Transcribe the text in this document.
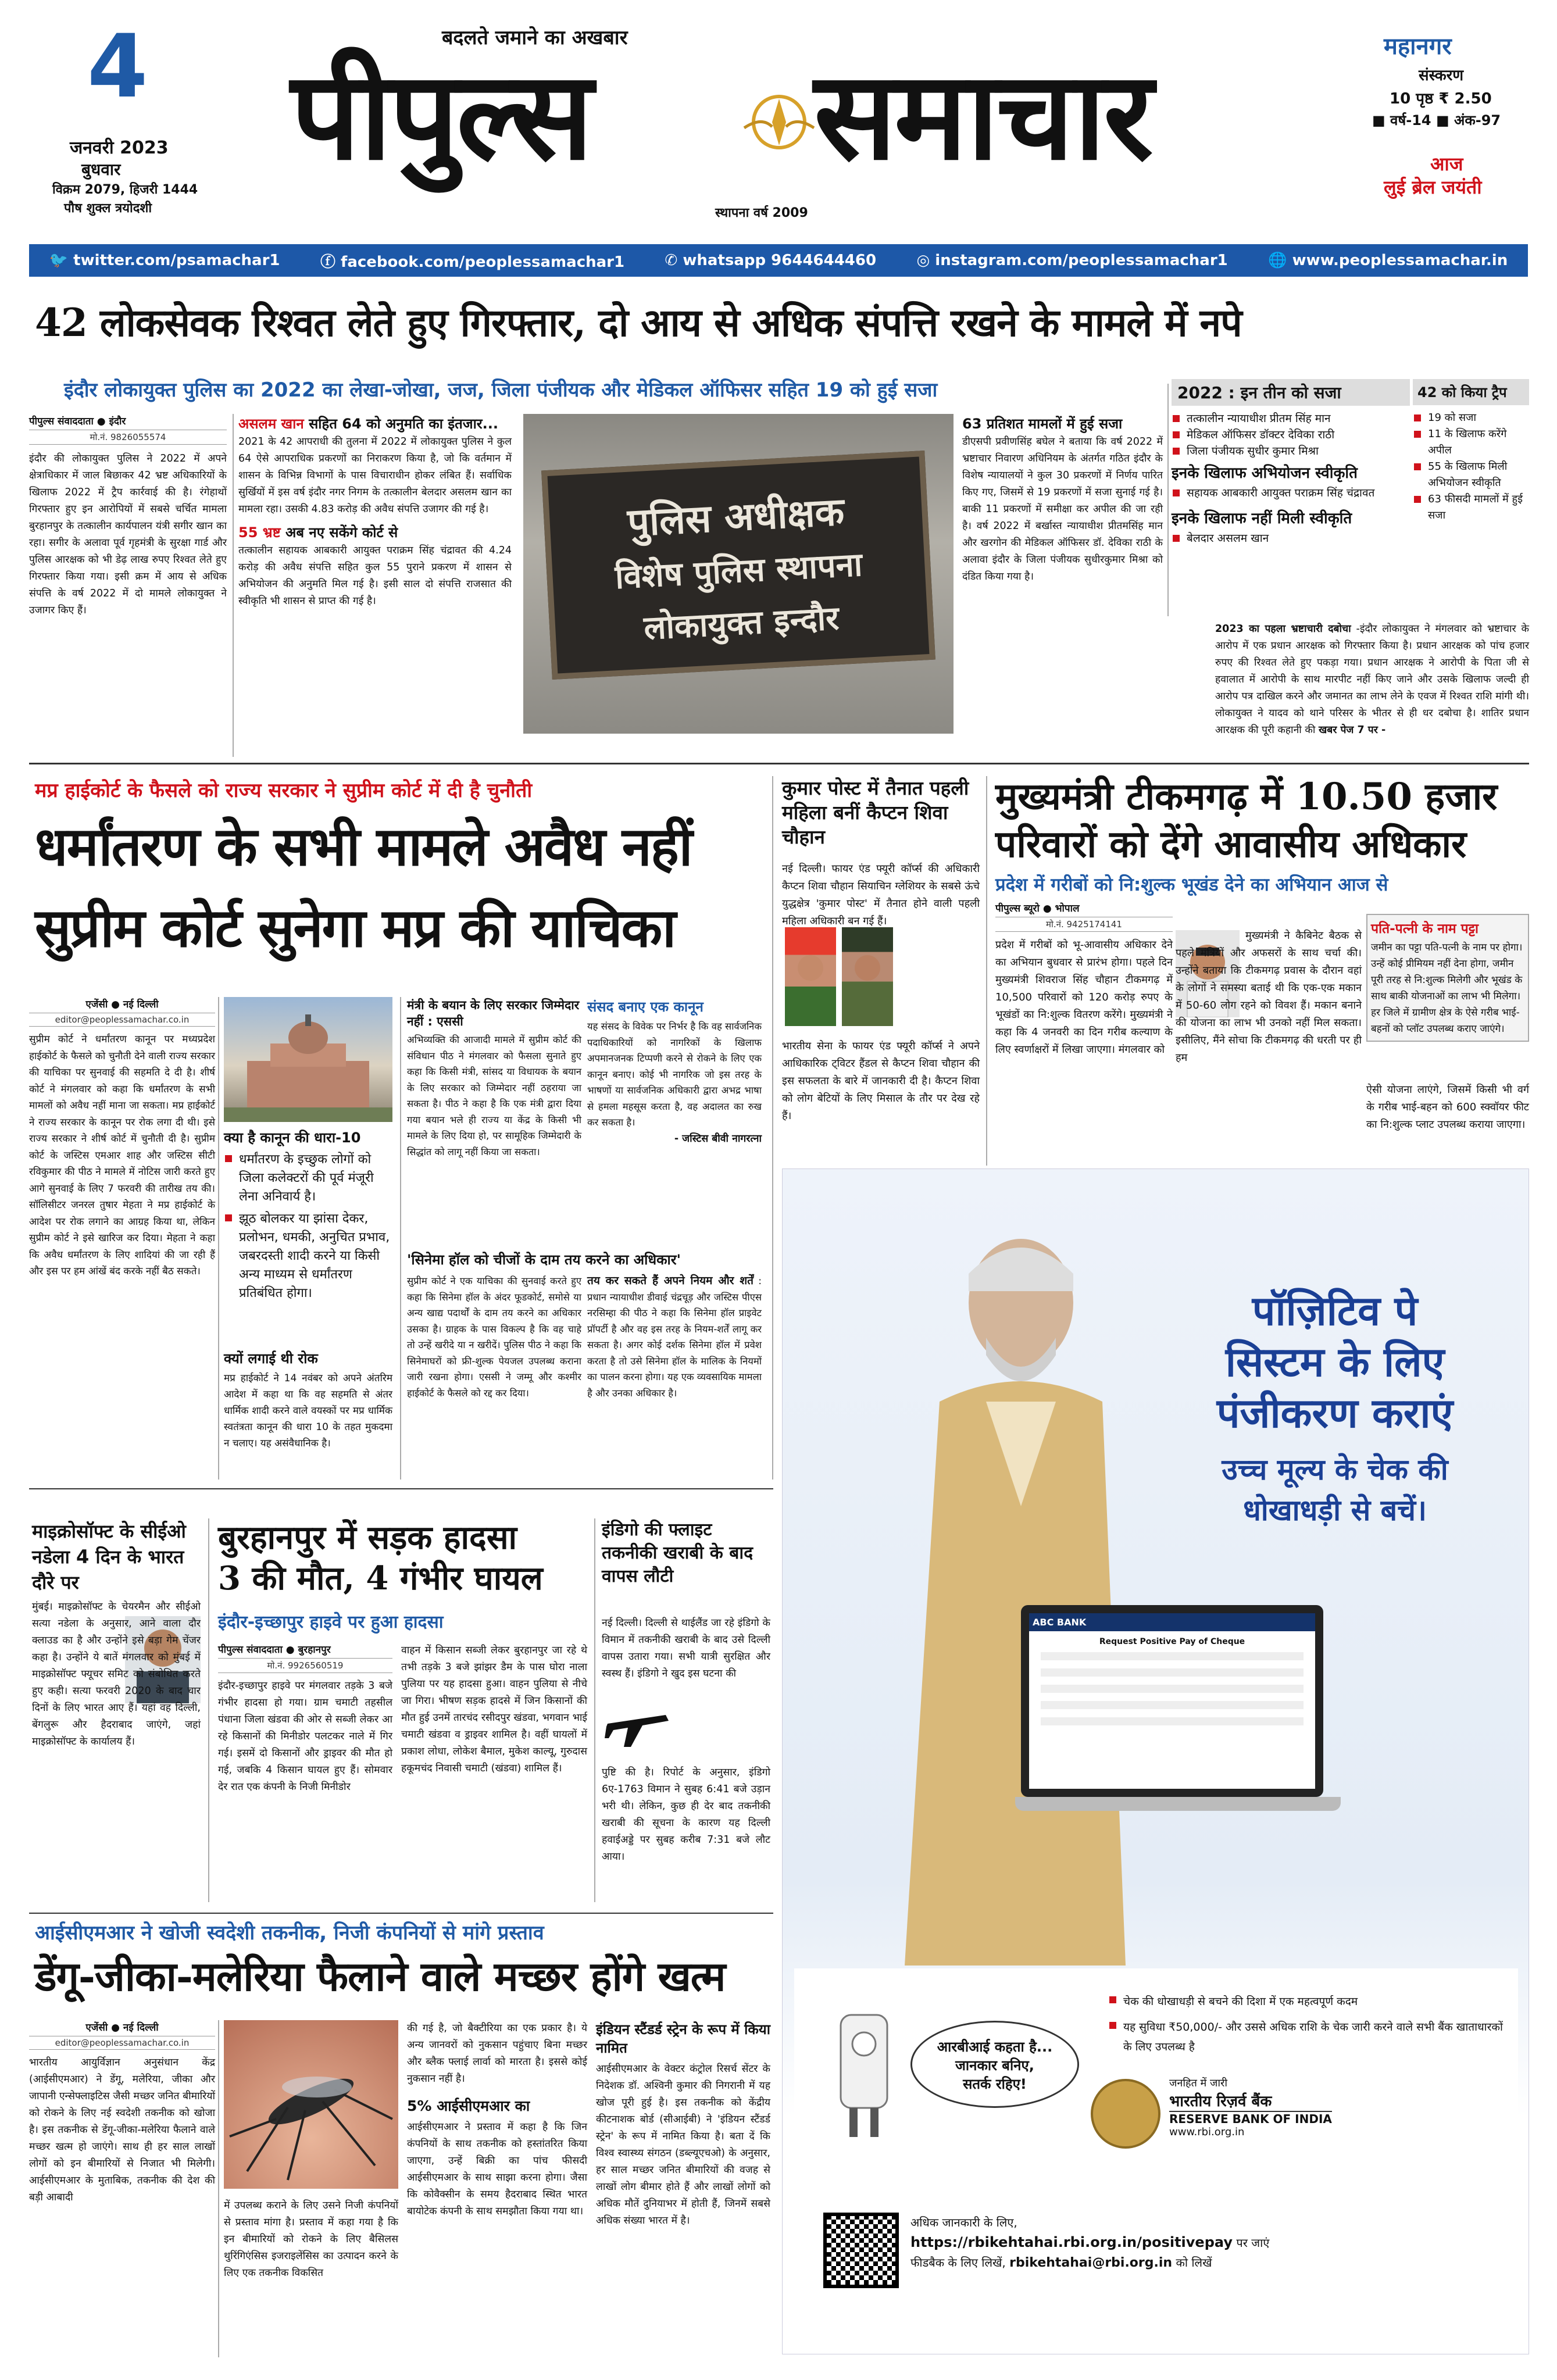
4
जनवरी 2023
बुधवार
विक्रम 2079, हिजरी 1444
पौष शुक्ल त्रयोदशी
बदलते जमाने का अखबार
पीपुल्स समाचार
स्थापना वर्ष 2009
महानगर
संस्करण
10 पृष्ठ ₹ 2.50
■ वर्ष-14 ■ अंक-97
आज
लुई ब्रेल जयंती
🐦 twitter.com/psamachar1	ⓕ facebook.com/peoplessamachar1	✆ whatsapp 9644644460	◎ instagram.com/peoplessamachar1	🌐 www.peoplessamachar.in
42 लोकसेवक रिश्वत लेते हुए गिरफ्तार, दो आय से अधिक संपत्ति रखने के मामले में नपे
इंदौर लोकायुक्त पुलिस का 2022 का लेखा-जोखा, जज, जिला पंजीयक और मेडिकल ऑफिसर सहित 19 को हुई सजा
पीपुल्स संवाददाता ● इंदौर
मो.नं. 9826055574

इंदौर की लोकायुक्त पुलिस ने 2022 में अपने क्षेत्राधिकार में जाल बिछाकर 42 भ्रष्ट अधिकारियों के खिलाफ 2022 में ट्रैप कार्रवाई की है। रंगेहाथों गिरफ्तार हुए इन आरोपियों में सबसे चर्चित मामला बुरहानपुर के तत्कालीन कार्यपालन यंत्री सगीर खान का रहा। सगीर के अलावा पूर्व गृहमंत्री के सुरक्षा गार्ड और पुलिस आरक्षक को भी डेढ़ लाख रुपए रिश्वत लेते हुए गिरफ्तार किया गया। इसी क्रम में आय से अधिक संपत्ति के वर्ष 2022 में दो मामले लोकायुक्त ने उजागर किए हैं।

असलम खान सहित 64 को अनुमति का इंतजार...

2021 के 42 आपराधी की तुलना में 2022 में लोकायुक्त पुलिस ने कुल 64 ऐसे आपराधिक प्रकरणों का निराकरण किया है, जो कि वर्तमान में शासन के विभिन्न विभागों के पास विचाराधीन होकर लंबित हैं। सर्वाधिक सुर्खियों में इस वर्ष इंदौर नगर निगम के तत्कालीन बेलदार असलम खान का मामला रहा। उसकी 4.83 करोड़ की अवैध संपत्ति उजागर की गई है।

55 भ्रष्ट अब नए सकेंगे कोर्ट से

तत्कालीन सहायक आबकारी आयुक्त पराक्रम सिंह चंद्रावत की 4.24 करोड़ की अवैध संपत्ति सहित कुल 55 पुराने प्रकरण में शासन से अभियोजन की अनुमति मिल गई है। इसी साल दो संपत्ति राजसात की स्वीकृति भी शासन से प्राप्त की गई है।

पुलिस अधीक्षक
विशेष पुलिस स्थापना
लोकायुक्त इन्दौर
63 प्रतिशत मामलों में हुई सजा

डीएसपी प्रवीणसिंह बघेल ने बताया कि वर्ष 2022 में भ्रष्टाचार निवारण अधिनियम के अंतर्गत गठित इंदौर के विशेष न्यायालयों ने कुल 30 प्रकरणों में निर्णय पारित किए गए, जिसमें से 19 प्रकरणों में सजा सुनाई गई है। बाकी 11 प्रकरणों में समीक्षा कर अपील की जा रही है। वर्ष 2022 में बर्खास्त न्यायाधीश प्रीतमसिंह मान और खरगोन की मेडिकल ऑफिसर डॉ. देविका राठी के अलावा इंदौर के जिला पंजीयक सुधीरकुमार मिश्रा को दंडित किया गया है।

2022 : इन तीन को सजा
तत्कालीन न्यायाधीश प्रीतम सिंह मान
मेडिकल ऑफिसर डॉक्टर देविका राठी
जिला पंजीयक सुधीर कुमार मिश्रा
इनके खिलाफ अभियोजन स्वीकृति
सहायक आबकारी आयुक्त पराक्रम सिंह चंद्रावत
इनके खिलाफ नहीं मिली स्वीकृति
बेलदार असलम खान
42 को किया ट्रैप
19 को सजा
11 के खिलाफ करेंगे अपील
55 के खिलाफ मिली अभियोजन स्वीकृति
63 फीसदी मामलों में हुई सजा

2023 का पहला भ्रष्टाचारी दबोचा -इंदौर लोकायुक्त ने मंगलवार को भ्रष्टाचार के आरोप में एक प्रधान आरक्षक को गिरफ्तार किया है। प्रधान आरक्षक को पांच हजार रुपए की रिश्वत लेते हुए पकड़ा गया। प्रधान आरक्षक ने आरोपी के पिता जी से हवालात में आरोपी के साथ मारपीट नहीं किए जाने और उसके खिलाफ जल्दी ही आरोप पत्र दाखिल करने और जमानत का लाभ लेने के एवज में रिश्वत राशि मांगी थी। लोकायुक्त ने यादव को थाने परिसर के भीतर से ही धर दबोचा है। शातिर प्रधान आरक्षक की पूरी कहानी की खबर पेज 7 पर -

मप्र हाईकोर्ट के फैसले को राज्य सरकार ने सुप्रीम कोर्ट में दी है चुनौती
धर्मांतरण के सभी मामले अवैध नहीं
सुप्रीम कोर्ट सुनेगा मप्र की याचिका
एजेंसी ● नई दिल्ली
editor@peoplessamachar.co.in

सुप्रीम कोर्ट ने धर्मांतरण कानून पर मध्यप्रदेश हाईकोर्ट के फैसले को चुनौती देने वाली राज्य सरकार की याचिका पर सुनवाई की सहमति दे दी है। शीर्ष कोर्ट ने मंगलवार को कहा कि धर्मांतरण के सभी मामलों को अवैध नहीं माना जा सकता। मप्र हाईकोर्ट ने राज्य सरकार के कानून पर रोक लगा दी थी। इसे राज्य सरकार ने शीर्ष कोर्ट में चुनौती दी है। सुप्रीम कोर्ट के जस्टिस एमआर शाह और जस्टिस सीटी रविकुमार की पीठ ने मामले में नोटिस जारी करते हुए आगे सुनवाई के लिए 7 फरवरी की तारीख तय की। सॉलिसीटर जनरल तुषार मेहता ने मप्र हाईकोर्ट के आदेश पर रोक लगाने का आग्रह किया था, लेकिन सुप्रीम कोर्ट ने इसे खारिज कर दिया। मेहता ने कहा कि अवैध धर्मांतरण के लिए शादियां की जा रही हैं और इस पर हम आंखें बंद करके नहीं बैठ सकते।

क्या है कानून की धारा-10
धर्मांतरण के इच्छुक लोगों को जिला कलेक्टरों की पूर्व मंजूरी लेना अनिवार्य है।
झूठ बोलकर या झांसा देकर, प्रलोभन, धमकी, अनुचित प्रभाव, जबरदस्ती शादी करने या किसी अन्य माध्यम से धर्मांतरण प्रतिबंधित होगा।
क्यों लगाई थी रोक

मप्र हाईकोर्ट ने 14 नवंबर को अपने अंतरिम आदेश में कहा था कि वह सहमति से अंतर धार्मिक शादी करने वाले वयस्कों पर मप्र धार्मिक स्वतंत्रता कानून की धारा 10 के तहत मुकदमा न चलाए। यह असंवैधानिक है।

मंत्री के बयान के लिए सरकार जिम्मेदार नहीं : एससी

अभिव्यक्ति की आजादी मामले में सुप्रीम कोर्ट की संविधान पीठ ने मंगलवार को फैसला सुनाते हुए कहा कि किसी मंत्री, सांसद या विधायक के बयान के लिए सरकार को जिम्मेदार नहीं ठहराया जा सकता है। पीठ ने कहा है कि एक मंत्री द्वारा दिया गया बयान भले ही राज्य या केंद्र के किसी भी मामले के लिए दिया हो, पर सामूहिक जिम्मेदारी के सिद्धांत को लागू नहीं किया जा सकता।

संसद बनाए एक कानून

यह संसद के विवेक पर निर्भर है कि वह सार्वजनिक पदाधिकारियों को नागरिकों के खिलाफ अपमानजनक टिप्पणी करने से रोकने के लिए एक कानून बनाए। कोई भी नागरिक जो इस तरह के भाषणों या सार्वजनिक अधिकारी द्वारा अभद्र भाषा से हमला महसूस करता है, वह अदालत का रुख कर सकता है।

- जस्टिस बीवी नागरत्ना

'सिनेमा हॉल को चीजों के दाम तय करने का अधिकार'

सुप्रीम कोर्ट ने एक याचिका की सुनवाई करते हुए कहा कि सिनेमा हॉल के अंदर फूडकोर्ट, समोसे या अन्य खाद्य पदार्थों के दाम तय करने का अधिकार उसका है। ग्राहक के पास विकल्प है कि वह चाहे तो उन्हें खरीदे या न खरीदें। पुलिस पीठ ने कहा कि सिनेमाघरों को फ्री-शुल्क पेयजल उपलब्ध कराना जारी रखना होगा। एससी ने जम्मू और कश्मीर हाईकोर्ट के फैसले को रद्द कर दिया।

तय कर सकते हैं अपने नियम और शर्तें : प्रधान न्यायाधीश डीवाई चंद्रचूड़ और जस्टिस पीएस नरसिम्हा की पीठ ने कहा कि सिनेमा हॉल प्राइवेट प्रॉपर्टी है और वह इस तरह के नियम-शर्तें लागू कर सकता है। अगर कोई दर्शक सिनेमा हॉल में प्रवेश करता है तो उसे सिनेमा हॉल के मालिक के नियमों का पालन करना होगा। यह एक व्यवसायिक मामला है और उनका अधिकार है।

कुमार पोस्ट में तैनात पहली महिला बनीं कैप्टन शिवा चौहान

नई दिल्ली। फायर एंड फ्यूरी कॉर्प्स की अधिकारी कैप्टन शिवा चौहान सियाचिन ग्लेशियर के सबसे ऊंचे युद्धक्षेत्र 'कुमार पोस्ट' में तैनात होने वाली पहली महिला अधिकारी बन गई हैं।

भारतीय सेना के फायर एंड फ्यूरी कॉर्प्स ने अपने आधिकारिक ट्विटर हैंडल से कैप्टन शिवा चौहान की इस सफलता के बारे में जानकारी दी है। कैप्टन शिवा को लोग बेटियों के लिए मिसाल के तौर पर देख रहे हैं।

मुख्यमंत्री टीकमगढ़ में 10.50 हजार
परिवारों को देंगे आवासीय अधिकार
प्रदेश में गरीबों को नि:शुल्क भूखंड देने का अभियान आज से
पीपुल्स ब्यूरो ● भोपाल
मो.नं. 9425174141

प्रदेश में गरीबों को भू-आवासीय अधिकार देने का अभियान बुधवार से प्रारंभ होगा। पहले दिन मुख्यमंत्री शिवराज सिंह चौहान टीकमगढ़ में 10,500 परिवारों को 120 करोड़ रुपए के भूखंडों का नि:शुल्क वितरण करेंगे। मुख्यमंत्री ने कहा कि 4 जनवरी का दिन गरीब कल्याण के लिए स्वर्णाक्षरों में लिखा जाएगा। मंगलवार को

मुख्यमंत्री ने कैबिनेट बैठक से पहले मंत्रियों और अफसरों के साथ चर्चा की। उन्होंने बताया कि टीकमगढ़ प्रवास के दौरान वहां के लोगों ने समस्या बताई थी कि एक-एक मकान में 50-60 लोग रहने को विवश हैं। मकान बनाने की योजना का लाभ भी उनको नहीं मिल सकता। इसीलिए, मैंने सोचा कि टीकमगढ़ की धरती पर ही हम

पति-पत्नी के नाम पट्टा

जमीन का पट्टा पति-पत्नी के नाम पर होगा। उन्हें कोई प्रीमियम नहीं देना होगा, जमीन पूरी तरह से नि:शुल्क मिलेगी और भूखंड के साथ बाकी योजनाओं का लाभ भी मिलेगा। हर जिले में ग्रामीण क्षेत्र के ऐसे गरीब भाई-बहनों को प्लॉट उपलब्ध कराए जाएंगे।

ऐसी योजना लाएंगे, जिसमें किसी भी वर्ग के गरीब भाई-बहन को 600 स्क्वॉयर फीट का नि:शुल्क प्लाट उपलब्ध कराया जाएगा।

ABC BANK
Request Positive Pay of Cheque
पॉज़िटिव पे
सिस्टम के लिए
पंजीकरण कराएं
उच्च मूल्य के चेक की
धोखाधड़ी से बचें।
चेक की धोखाधड़ी से बचने की दिशा में एक महत्वपूर्ण कदम
यह सुविधा ₹50,000/- और उससे अधिक राशि के चेक जारी करने वाले सभी बैंक खाताधारकों के लिए उपलब्ध है
आरबीआई कहता है...
जानकार बनिए,
सतर्क रहिए!	जनहित में जारी
भारतीय रिज़र्व बैंक
RESERVE BANK OF INDIA
www.rbi.org.in
अधिक जानकारी के लिए,
https://rbikehtahai.rbi.org.in/positivepay पर जाएं
फीडबैक के लिए लिखें, rbikehtahai@rbi.org.in को लिखें
माइक्रोसॉफ्ट के सीईओ नडेला 4 दिन के भारत दौरे पर

मुंबई। माइक्रोसॉफ्ट के चेयरमैन और सीईओ सत्या नडेला के अनुसार, आने वाला दौर क्लाउड का है और उन्होंने इसे बड़ा गेम चेंजर कहा है। उन्होंने ये बातें मंगलवार को मुंबई में माइक्रोसॉफ्ट फ्यूचर समिट को संबोधित करते हुए कही। सत्या फरवरी 2020 के बाद चार दिनों के लिए भारत आए हैं। यहां वह दिल्ली, बेंगलुरू और हैदराबाद जाएंगे, जहां माइक्रोसॉफ्ट के कार्यालय हैं।

बुरहानपुर में सड़क हादसा
3 की मौत, 4 गंभीर घायल
इंदौर-इच्छापुर हाइवे पर हुआ हादसा
पीपुल्स संवाददाता ● बुरहानपुर
मो.नं. 9926560519

इंदौर-इच्छापुर हाइवे पर मंगलवार तड़के 3 बजे गंभीर हादसा हो गया। ग्राम चमाटी तहसील पंधाना जिला खंडवा की ओर से सब्जी लेकर आ रहे किसानों की मिनीडोर पलटकर नाले में गिर गई। इसमें दो किसानों और ड्राइवर की मौत हो गई, जबकि 4 किसान घायल हुए हैं। सोमवार देर रात एक कंपनी के निजी मिनीडोर

वाहन में किसान सब्जी लेकर बुरहानपुर जा रहे थे तभी तड़के 3 बजे झांझर डैम के पास घोरा नाला पुलिया पर यह हादसा हुआ। वाहन पुलिया से नीचे जा गिरा। भीषण सड़क हादसे में जिन किसानों की मौत हुई उनमें तारचंद रसीदपुर खंडवा, भगवान भाई चमाटी खंडवा व ड्राइवर शामिल है। वहीं घायलों में प्रकाश लोधा, लोकेश बैमाल, मुकेश काल्यू, गुरुदास हकूमचंद निवासी चमाटी (खंडवा) शामिल हैं।

इंडिगो की फ्लाइट तकनीकी खराबी के बाद वापस लौटी

नई दिल्ली। दिल्ली से थाईलैंड जा रहे इंडिगो के विमान में तकनीकी खराबी के बाद उसे दिल्ली वापस उतारा गया। सभी यात्री सुरक्षित और स्वस्थ हैं। इंडिगो ने खुद इस घटना की

पुष्टि की है। रिपोर्ट के अनुसार, इंडिगो 6ए-1763 विमान ने सुबह 6:41 बजे उड़ान भरी थी। लेकिन, कुछ ही देर बाद तकनीकी खराबी की सूचना के कारण यह दिल्ली हवाईअड्डे पर सुबह करीब 7:31 बजे लौट आया।

आईसीएमआर ने खोजी स्वदेशी तकनीक, निजी कंपनियों से मांगे प्रस्ताव
डेंगू-जीका-मलेरिया फैलाने वाले मच्छर होंगे खत्म
एजेंसी ● नई दिल्ली
editor@peoplessamachar.co.in

भारतीय आयुर्विज्ञान अनुसंधान केंद्र (आईसीएमआर) ने डेंगू, मलेरिया, जीका और जापानी एन्सेफ्लाइटिस जैसी मच्छर जनित बीमारियों को रोकने के लिए नई स्वदेशी तकनीक को खोजा है। इस तकनीक से डेंगू-जीका-मलेरिया फैलाने वाले मच्छर खत्म हो जाएंगे। साथ ही हर साल लाखों लोगों को इन बीमारियों से निजात भी मिलेगी। आईसीएमआर के मुताबिक, तकनीक की देश की बड़ी आबादी

में उपलब्ध कराने के लिए उसने निजी कंपनियों से प्रस्ताव मांगा है। प्रस्ताव में कहा गया है कि इन बीमारियों को रोकने के लिए बैसिलस थुरिंगिएंसिस इजराइलेंसिस का उत्पादन करने के लिए एक तकनीक विकसित

की गई है, जो बैक्टीरिया का एक प्रकार है। ये अन्य जानवरों को नुकसान पहुंचाए बिना मच्छर और ब्लैक फ्लाई लार्वा को मारता है। इससे कोई नुकसान नहीं है।

5% आईसीएमआर का

आईसीएमआर ने प्रस्ताव में कहा है कि जिन कंपनियों के साथ तकनीक को हस्तांतरित किया जाएगा, उन्हें बिक्री का पांच फीसदी आईसीएमआर के साथ साझा करना होगा। जैसा कि कोवैक्सीन के समय हैदराबाद स्थित भारत बायोटेक कंपनी के साथ समझौता किया गया था।

इंडियन स्टैंडर्ड स्ट्रेन के रूप में किया नामित

आईसीएमआर के वेक्टर कंट्रोल रिसर्च सेंटर के निदेशक डॉ. अश्विनी कुमार की निगरानी में यह खोज पूरी हुई है। इस तकनीक को केंद्रीय कीटनाशक बोर्ड (सीआईबी) ने 'इंडियन स्टैंडर्ड स्ट्रेन' के रूप में नामित किया है। बता दें कि विश्व स्वास्थ्य संगठन (डब्ल्यूएचओ) के अनुसार, हर साल मच्छर जनित बीमारियों की वजह से लाखों लोग बीमार होते हैं और लाखों लोगों को अधिक मौतें दुनियाभर में होती हैं, जिनमें सबसे अधिक संख्या भारत में है।
